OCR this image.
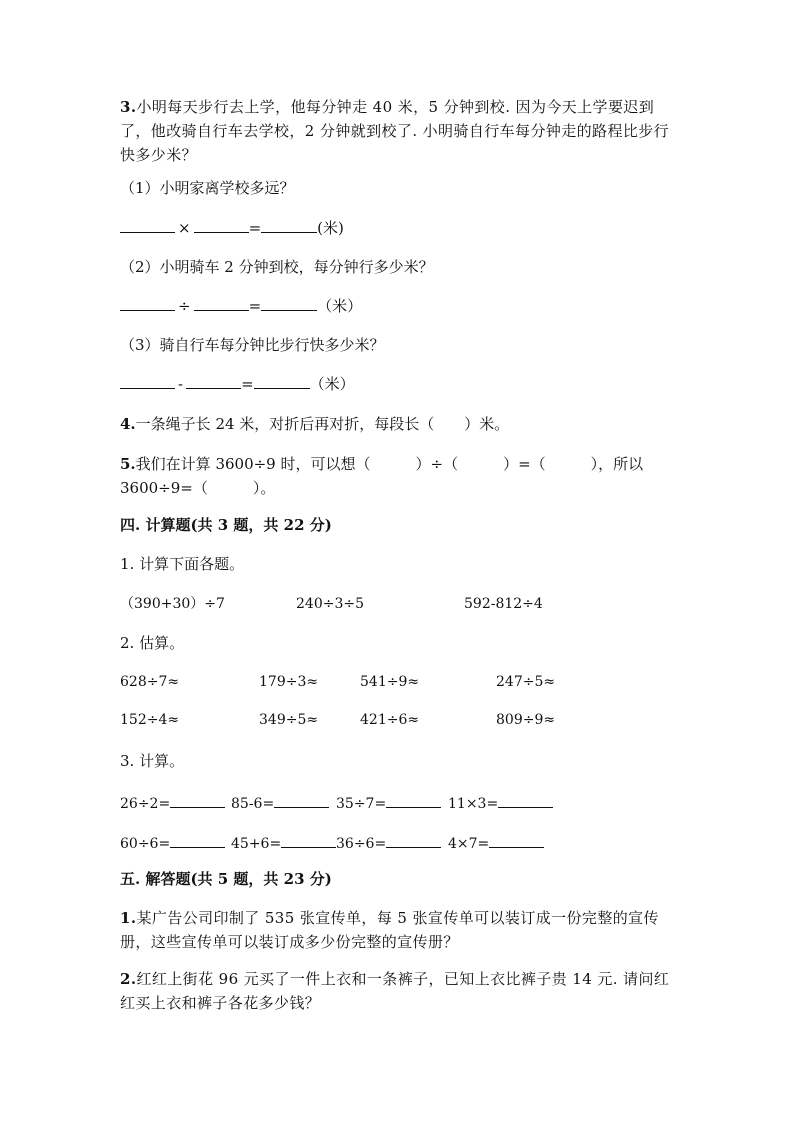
3.小明每天步行去上学，他每分钟走 40 米，5 分钟到校. 因为今天上学要迟到了，他改骑自行车去学校，2 分钟就到校了. 小明骑自行车每分钟走的路程比步行快多少米？
（1）小明家离学校多远？
×	=	(米)
（2）小明骑车 2 分钟到校，每分钟行多少米？
÷	=	（米）
（3）骑自行车每分钟比步行快多少米？
-	=	（米）
4.一条绳子长 24 米，对折后再对折，每段长（　　）米。
5.我们在计算 3600÷9 时，可以想（　　　）÷（　　　）=（　　　），所以
3600÷9=（　　　）。
四. 计算题(共 3 题，共 22 分)
1. 计算下面各题。
（390+30）÷7	240÷3÷5	592-812÷4
2. 估算。
628÷7≈	179÷3≈	541÷9≈	247÷5≈
152÷4≈	349÷5≈	421÷6≈	809÷9≈
3. 计算。
26÷2=	85-6=	35÷7=	11×3=
60÷6=	45+6=	36÷6=	4×7=
五. 解答题(共 5 题，共 23 分)
1.某广告公司印制了 535 张宣传单，每 5 张宣传单可以装订成一份完整的宣传册，这些宣传单可以装订成多少份完整的宣传册？
2.红红上街花 96 元买了一件上衣和一条裤子，已知上衣比裤子贵 14 元. 请问红红买上衣和裤子各花多少钱？
